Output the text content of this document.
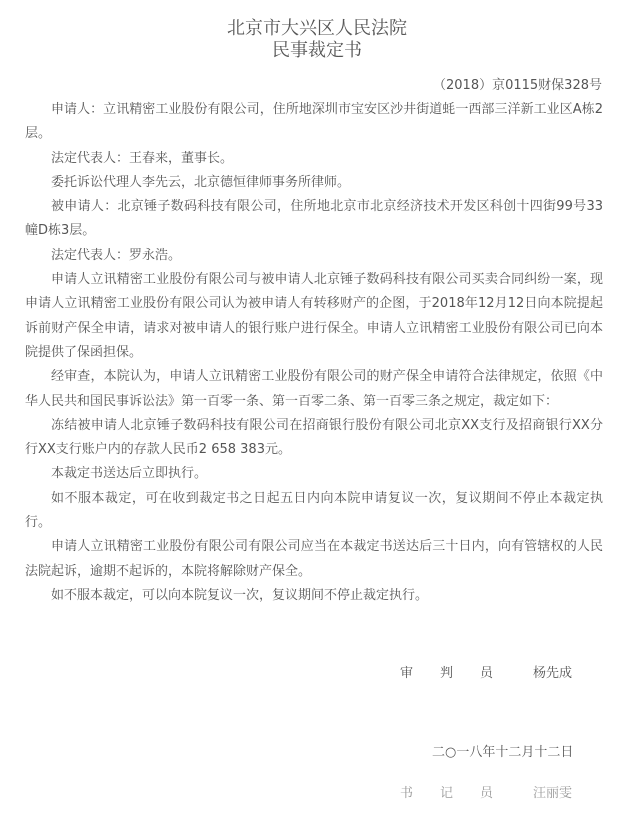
北京市大兴区人民法院
民事裁定书
（2018）京0115财保328号

申请人：立讯精密工业股份有限公司，住所地深圳市宝安区沙井街道蚝一西部三洋新工业区A栋2层。

法定代表人：王春来，董事长。

委托诉讼代理人李先云，北京德恒律师事务所律师。

被申请人：北京锤子数码科技有限公司，住所地北京市北京经济技术开发区科创十四街99号33幢D栋3层。

法定代表人：罗永浩。

申请人立讯精密工业股份有限公司与被申请人北京锤子数码科技有限公司买卖合同纠纷一案，现申请人立讯精密工业股份有限公司认为被申请人有转移财产的企图，于2018年12月12日向本院提起诉前财产保全申请，请求对被申请人的银行账户进行保全。申请人立讯精密工业股份有限公司已向本院提供了保函担保。

经审查，本院认为，申请人立讯精密工业股份有限公司的财产保全申请符合法律规定，依照《中华人民共和国民事诉讼法》第一百零一条、第一百零二条、第一百零三条之规定，裁定如下：

冻结被申请人北京锤子数码科技有限公司在招商银行股份有限公司北京XX支行及招商银行XX分行XX支行账户内的存款人民币2 658 383元。

本裁定书送达后立即执行。

如不服本裁定，可在收到裁定书之日起五日内向本院申请复议一次，复议期间不停止本裁定执行。

申请人立讯精密工业股份有限公司有限公司应当在本裁定书送达后三十日内，向有管辖权的人民法院起诉，逾期不起诉的，本院将解除财产保全。

如不服本裁定，可以向本院复议一次，复议期间不停止裁定执行。

审 判 员	杨先成
二○一八年十二月十二日
书 记 员	汪丽雯
